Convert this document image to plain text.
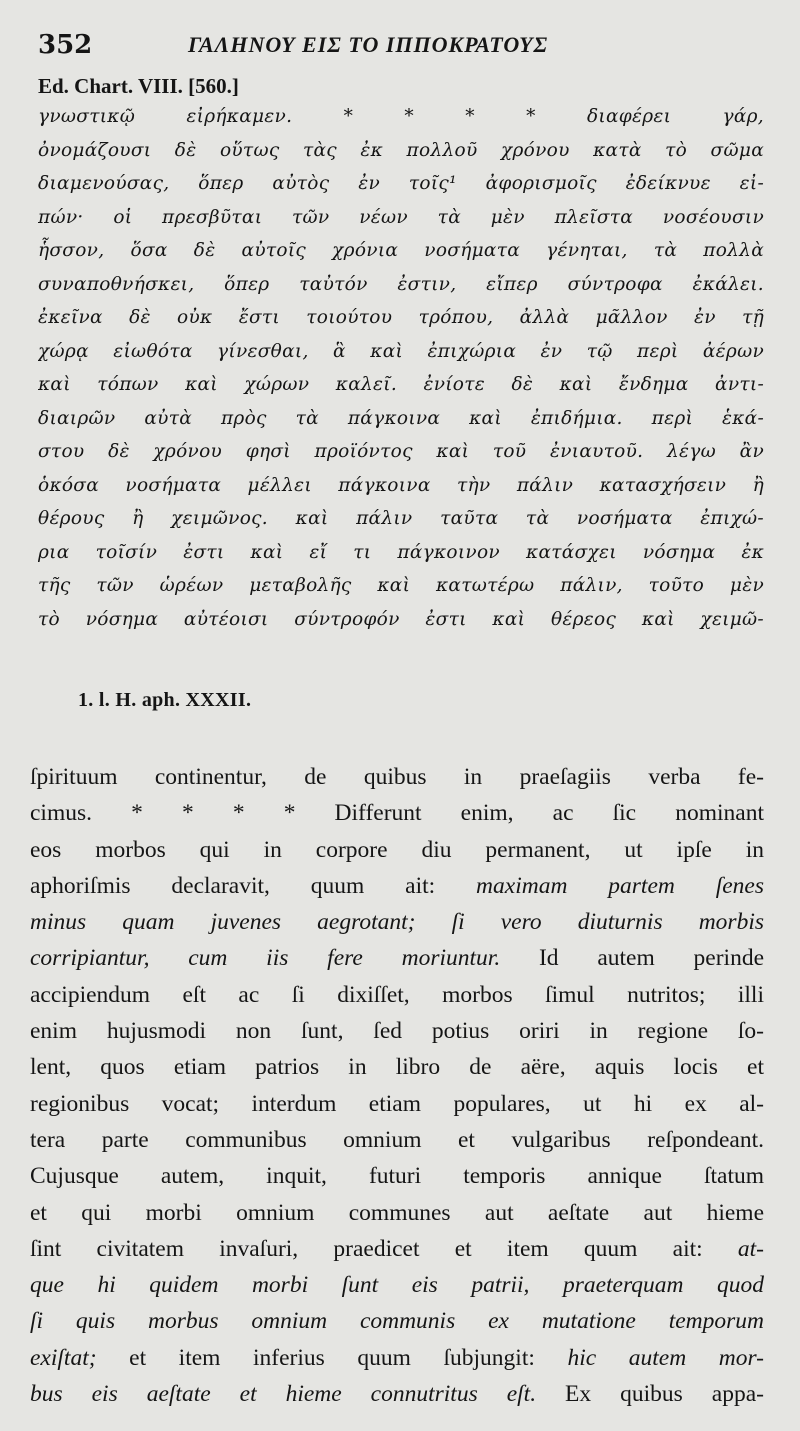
352	ΓΑΛΗΝΟΥ ΕΙΣ ΤΟ ΙΠΠΟΚΡΑΤΟΥΣ
Ed. Chart. VIII. [560.]
γνωστικῷ εἰρήκαμεν. * * * * διαφέρει γάρ,
ὀνομάζουσι δὲ οὕτως τὰς ἐκ πολλοῦ χρόνου κατὰ τὸ σῶμα
διαμενούσας, ὅπερ αὐτὸς ἐν τοῖς¹ ἀφορισμοῖς ἐδείκνυε εἰ-
πών· οἱ πρεσβῦται τῶν νέων τὰ μὲν πλεῖστα νοσέουσιν
ἧσσον, ὅσα δὲ αὐτοῖς χρόνια νοσήματα γένηται, τὰ πολλὰ
συναποθνήσκει, ὅπερ ταὐτόν ἐστιν, εἴπερ σύντροφα ἐκάλει.
ἐκεῖνα δὲ οὐκ ἔστι τοιούτου τρόπου, ἀλλὰ μᾶλλον ἐν τῇ
χώρᾳ εἰωθότα γίνεσθαι, ἃ καὶ ἐπιχώρια ἐν τῷ περὶ ἀέρων
καὶ τόπων καὶ χώρων καλεῖ. ἐνίοτε δὲ καὶ ἔνδημα ἀντι-
διαιρῶν αὐτὰ πρὸς τὰ πάγκοινα καὶ ἐπιδήμια. περὶ ἑκά-
στου δὲ χρόνου φησὶ προϊόντος καὶ τοῦ ἐνιαυτοῦ. λέγω ἂν
ὁκόσα νοσήματα μέλλει πάγκοινα τὴν πάλιν κατασχήσειν ἢ
θέρους ἢ χειμῶνος. καὶ πάλιν ταῦτα τὰ νοσήματα ἐπιχώ-
ρια τοῖσίν ἐστι καὶ εἴ τι πάγκοινον κατάσχει νόσημα ἐκ
τῆς τῶν ὡρέων μεταβολῆς καὶ κατωτέρω πάλιν, τοῦτο μὲν
τὸ νόσημα αὐτέοισι σύντροφόν ἐστι καὶ θέρεος καὶ χειμῶ-
1. l. H. aph. XXXII.
ſpirituum continentur, de quibus in praeſagiis verba fe-
cimus. * * * * Differunt enim, ac ſic nominant
eos morbos qui in corpore diu permanent, ut ipſe in
aphoriſmis declaravit, quum ait: maximam partem ſenes
minus quam juvenes aegrotant; ſi vero diuturnis morbis
corripiantur, cum iis fere moriuntur. Id autem perinde
accipiendum eſt ac ſi dixiſſet, morbos ſimul nutritos; illi
enim hujusmodi non ſunt, ſed potius oriri in regione ſo-
lent, quos etiam patrios in libro de aëre, aquis locis et
regionibus vocat; interdum etiam populares, ut hi ex al-
tera parte communibus omnium et vulgaribus reſpondeant.
Cujusque autem, inquit, futuri temporis annique ſtatum
et qui morbi omnium communes aut aeſtate aut hieme
ſint civitatem invaſuri, praedicet et item quum ait: at-
que hi quidem morbi ſunt eis patrii, praeterquam quod
ſi quis morbus omnium communis ex mutatione temporum
exiſtat; et item inferius quum ſubjungit: hic autem mor-
bus eis aeſtate et hieme connutritus eſt. Ex quibus appa-
